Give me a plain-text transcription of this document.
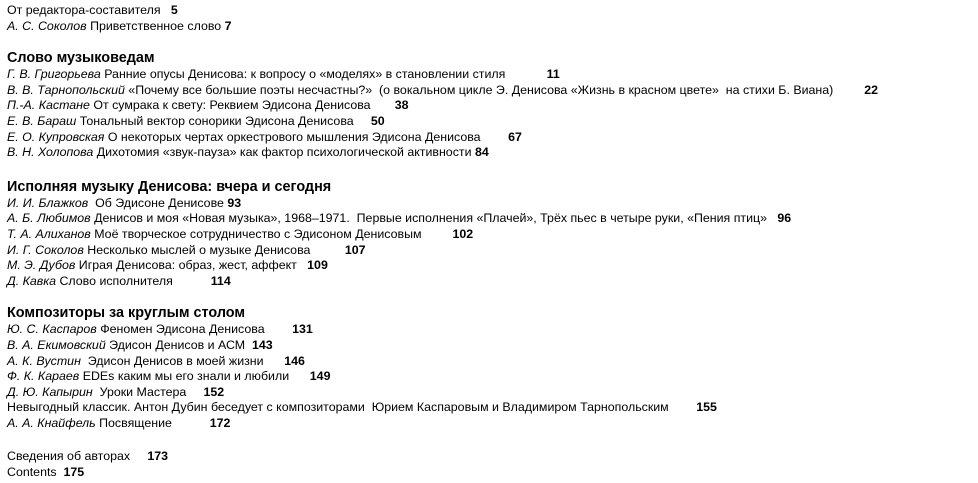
От редактора-составителя 5
А. С. Соколов Приветственное слово 7
Слово музыковедам
Г. В. Григорьева Ранние опусы Денисова: к вопросу о «моделях» в становлении стиля	11
В. В. Тарнопольский «Почему все большие поэты несчастны?»  (о вокальном цикле Э. Денисова «Жизнь в красном цвете»  на стихи Б. Виана) 22
П.-А. Кастане От сумрака к свету: Реквием Эдисона Денисова 38
Е. В. Бараш Тональный вектор сонорики Эдисона Денисова 50
Е. О. Купровская О некоторых чертах оркестрового мышления Эдисона Денисова 67
В. Н. Холопова Дихотомия «звук-пауза» как фактор психологической активности 84
Исполняя музыку Денисова: вчера и сегодня
И. И. Блажков  Об Эдисоне Денисове 93
А. Б. Любимов Денисов и моя «Новая музыка», 1968–1971.  Первые исполнения «Плачей», Трёх пьес в четыре руки, «Пения птиц» 96
Т. А. Алиханов Моё творческое сотрудничество с Эдисоном Денисовым 102
И. Г. Соколов Несколько мыслей о музыке Денисова	107
М. Э. Дубов Играя Денисова: образ, жест, аффект 109
Д. Кавка Слово исполнителя	114
Композиторы за круглым столом
Ю. С. Каспаров Феномен Эдисона Денисова 131
В. А. Екимовский Эдисон Денисов и АСМ 143
А. К. Вустин  Эдисон Денисов в моей жизни 146
Ф. К. Караев EDEs каким мы его знали и любили 149
Д. Ю. Капырин  Уроки Мастера 152
Невыгодный классик. Антон Дубин беседует с композиторами  Юрием Каспаровым и Владимиром Тарнопольским 155
А. А. Кнайфель Посвящение	172
Сведения об авторах 173
Contents 175
